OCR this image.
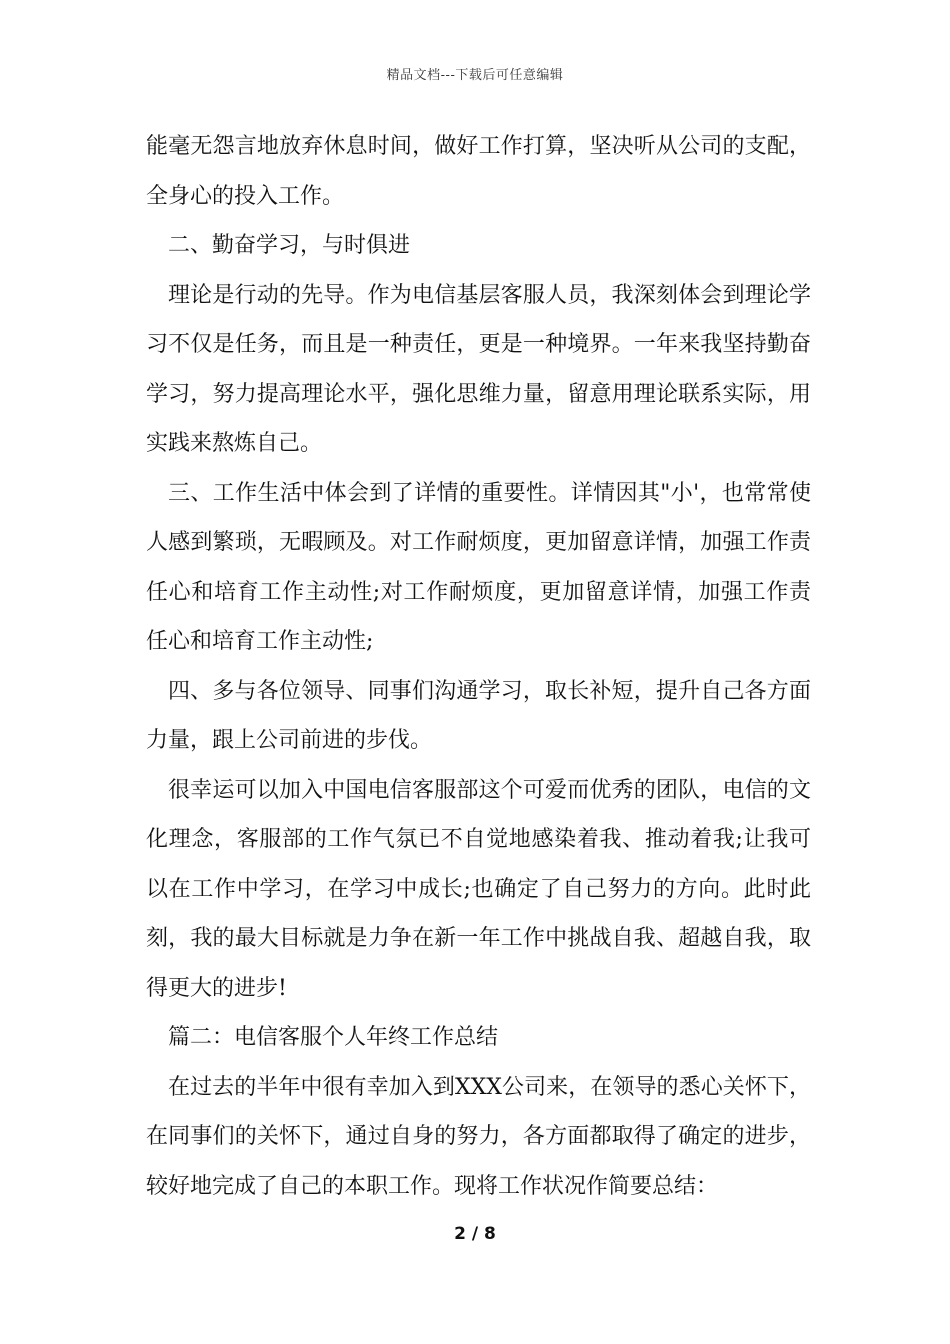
精品文档---下载后可任意编辑

能毫无怨言地放弃休息时间，做好工作打算，坚决听从公司的支配，全身心的投入工作。

二、勤奋学习，与时俱进

理论是行动的先导。作为电信基层客服人员，我深刻体会到理论学习不仅是任务，而且是一种责任，更是一种境界。一年来我坚持勤奋学习，努力提高理论水平，强化思维力量，留意用理论联系实际，用实践来熬炼自己。

三、工作生活中体会到了详情的重要性。详情因其"小'，也常常使人感到繁琐，无暇顾及。对工作耐烦度，更加留意详情，加强工作责任心和培育工作主动性;对工作耐烦度，更加留意详情，加强工作责任心和培育工作主动性;

四、多与各位领导、同事们沟通学习，取长补短，提升自己各方面力量，跟上公司前进的步伐。

很幸运可以加入中国电信客服部这个可爱而优秀的团队，电信的文化理念，客服部的工作气氛已不自觉地感染着我、推动着我;让我可以在工作中学习，在学习中成长;也确定了自己努力的方向。此时此刻，我的最大目标就是力争在新一年工作中挑战自我、超越自我，取得更大的进步!

篇二：电信客服个人年终工作总结

在过去的半年中很有幸加入到XXX公司来，在领导的悉心关怀下，在同事们的关怀下，通过自身的努力，各方面都取得了确定的进步，较好地完成了自己的本职工作。现将工作状况作简要总结：

2 / 8
